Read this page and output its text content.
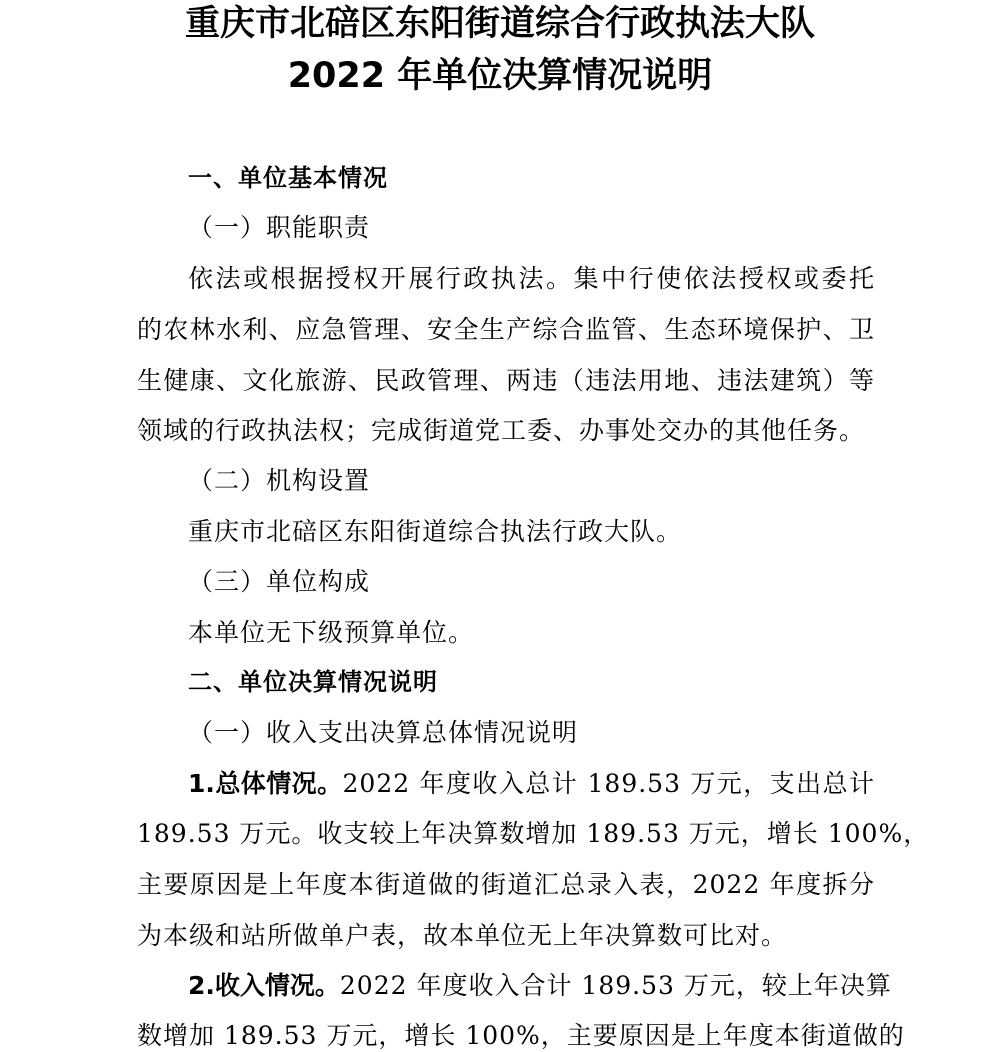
重庆市北碚区东阳街道综合行政执法大队
2022 年单位决算情况说明
一、单位基本情况
（一）职能职责
依法或根据授权开展行政执法。集中行使依法授权或委托
的农林水利、应急管理、安全生产综合监管、生态环境保护、卫
生健康、文化旅游、民政管理、两违（违法用地、违法建筑）等
领域的行政执法权；完成街道党工委、办事处交办的其他任务。
（二）机构设置
重庆市北碚区东阳街道综合执法行政大队。
（三）单位构成
本单位无下级预算单位。
二、单位决算情况说明
（一）收入支出决算总体情况说明
1.总体情况。2022 年度收入总计 189.53 万元，支出总计
189.53 万元。收支较上年决算数增加 189.53 万元，增长 100%，
主要原因是上年度本街道做的街道汇总录入表，2022 年度拆分
为本级和站所做单户表，故本单位无上年决算数可比对。
2.收入情况。2022 年度收入合计 189.53 万元，较上年决算
数增加 189.53 万元，增长 100%，主要原因是上年度本街道做的
